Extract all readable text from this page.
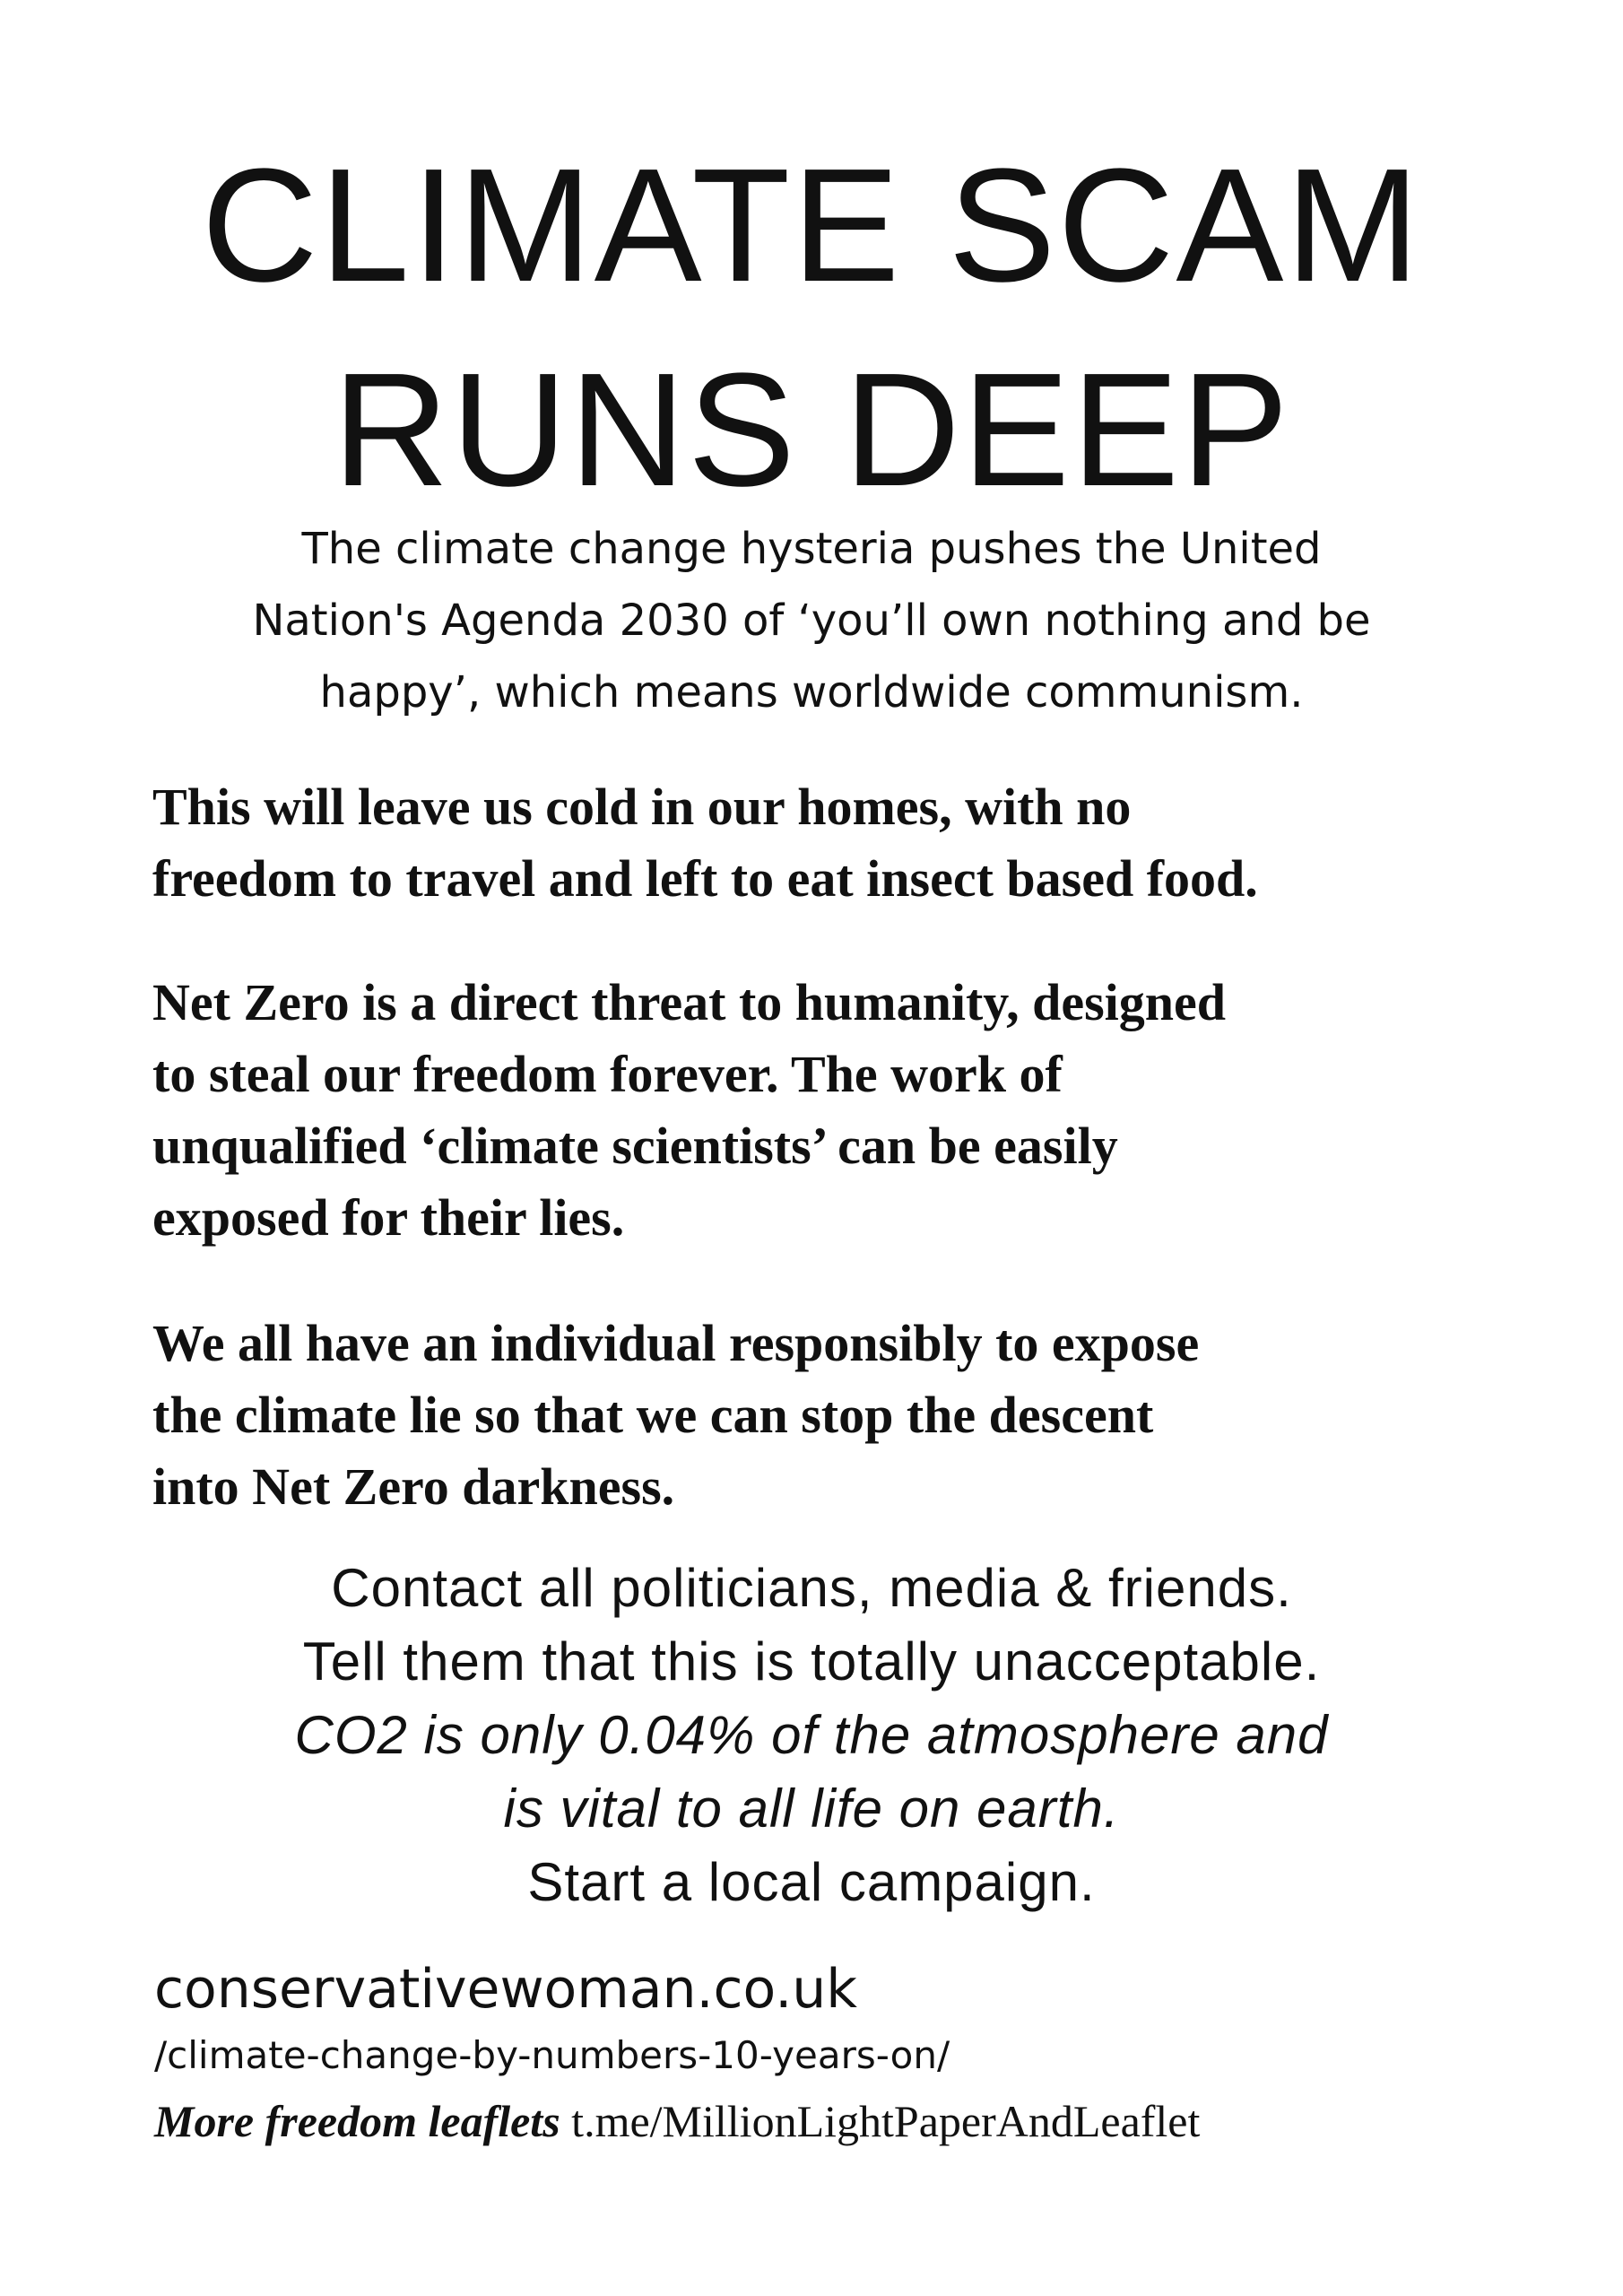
CLIMATE SCAM
RUNS DEEP

The climate change hysteria pushes the United
Nation's Agenda 2030 of ‘you’ll own nothing and be
happy’, which means worldwide communism.

This will leave us cold in our homes, with no
freedom to travel and left to eat insect based food.

Net Zero is a direct threat to humanity, designed
to steal our freedom forever. The work of
unqualified ‘climate scientists’ can be easily
exposed for their lies.

We all have an individual responsibly to expose
the climate lie so that we can stop the descent
into Net Zero darkness.

Contact all politicians, media & friends.
Tell them that this is totally unacceptable.
CO2 is only 0.04% of the atmosphere and
is vital to all life on earth.
Start a local campaign.

conservativewoman.co.uk

/climate-change-by-numbers-10-years-on/

More freedom leaflets t.me/MillionLightPaperAndLeaflet
